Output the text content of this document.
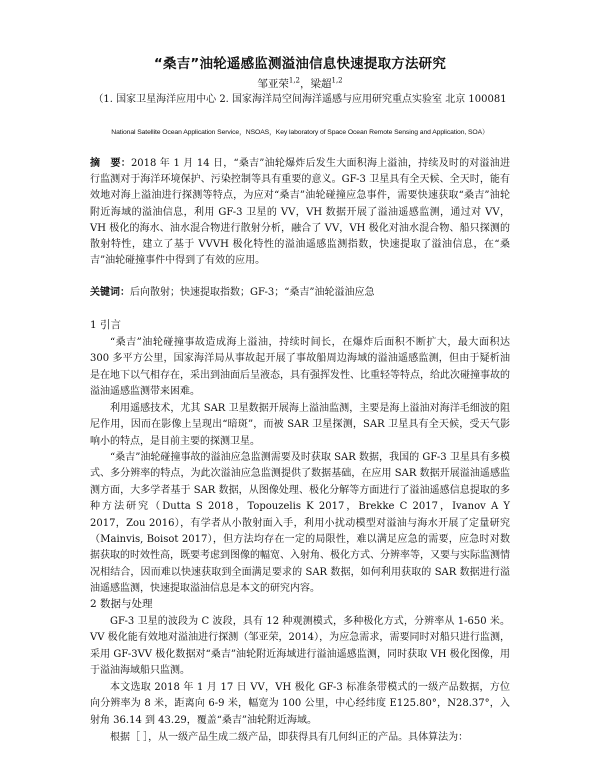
“桑吉”油轮遥感监测溢油信息快速提取方法研究
邹亚荣$^{1,2}$，梁超$^{1,2}$
（1. 国家卫星海洋应用中心 2. 国家海洋局空间海洋遥感与应用研究重点实验室 北京 100081
National Satellite Ocean Application Service，NSOAS，Key laboratory of Space Ocean Remote Sensing and Application, SOA）
摘　要：2018 年 1 月 14 日，“桑吉”油轮爆炸后发生大面积海上溢油，持续及时的对溢油进行监测对于海洋环境保护、污染控制等具有重要的意义。GF-3 卫星具有全天候、全天时，能有效地对海上溢油进行探测等特点，为应对“桑吉”油轮碰撞应急事件，需要快速获取“桑吉”油轮附近海域的溢油信息，利用 GF-3 卫星的 VV，VH 数据开展了溢油遥感监测，通过对 VV，VH 极化的海水、油水混合物进行散射分析，融合了 VV，VH 极化对油水混合物、船只探测的散射特性，建立了基于 VVVH 极化特性的溢油遥感监测指数，快速提取了溢油信息，在“桑吉”油轮碰撞事件中得到了有效的应用。
关键词：后向散射；快速提取指数；GF-3；“桑吉”油轮溢油应急
1 引言

“桑吉”油轮碰撞事故造成海上溢油，持续时间长，在爆炸后面积不断扩大，最大面积达 300 多平方公里，国家海洋局从事故起开展了事故船周边海域的溢油遥感监测，但由于疑析油是在地下以气相存在，采出到油面后呈液态，具有强挥发性、比重轻等特点，给此次碰撞事故的溢油遥感监测带来困难。

利用遥感技术，尤其 SAR 卫星数据开展海上溢油监测，主要是海上溢油对海洋毛细波的阻尼作用，因而在影像上呈现出“暗斑”，而被 SAR 卫星探测，SAR 卫星具有全天候，受天气影响小的特点，是目前主要的探测卫星。

“桑吉”油轮碰撞事故的溢油应急监测需要及时获取 SAR 数据，我国的 GF-3 卫星具有多模式、多分辨率的特点，为此次溢油应急监测提供了数据基础，在应用 SAR 数据开展溢油遥感监测方面，大多学者基于 SAR 数据，从图像处理、极化分解等方面进行了溢油遥感信息提取的多种方法研究（Dutta S 2018，Topouzelis K 2017，Brekke C 2017，Ivanov A Y　2017，Zou 2016），有学者从小散射面入手，利用小扰动模型对溢油与海水开展了定量研究（Mainvis, Boisot 2017），但方法均存在一定的局限性，难以满足应急的需要，应急时对数据获取的时效性高，既要考虑到图像的幅宽、入射角、极化方式、分辨率等，又要与实际监测情况相结合，因而难以快速获取到全面满足要求的 SAR 数据，如何利用获取的 SAR 数据进行溢油遥感监测，快速提取溢油信息是本文的研究内容。

2 数据与处理

GF-3 卫星的波段为 C 波段，具有 12 种观测模式，多种极化方式，分辨率从 1-650 米。VV 极化能有效地对溢油进行探测（邹亚荣，2014），为应急需求，需要同时对船只进行监测，采用 GF-3VV 极化数据对“桑吉”油轮附近海域进行溢油遥感监测，同时获取 VH 极化图像，用于溢油海域船只监测。

本文选取 2018 年 1 月 17 日 VV，VH 极化 GF-3 标准条带模式的一级产品数据，方位向分辨率为 8 米，距离向 6-9 米，幅宽为 100 公里，中心经纬度 E125.80°，N28.37°，入射角 36.14 到 43.29，覆盖“桑吉”油轮附近海域。

根据［ ］，从一级产品生成二级产品，即获得具有几何纠正的产品。具体算法为：
